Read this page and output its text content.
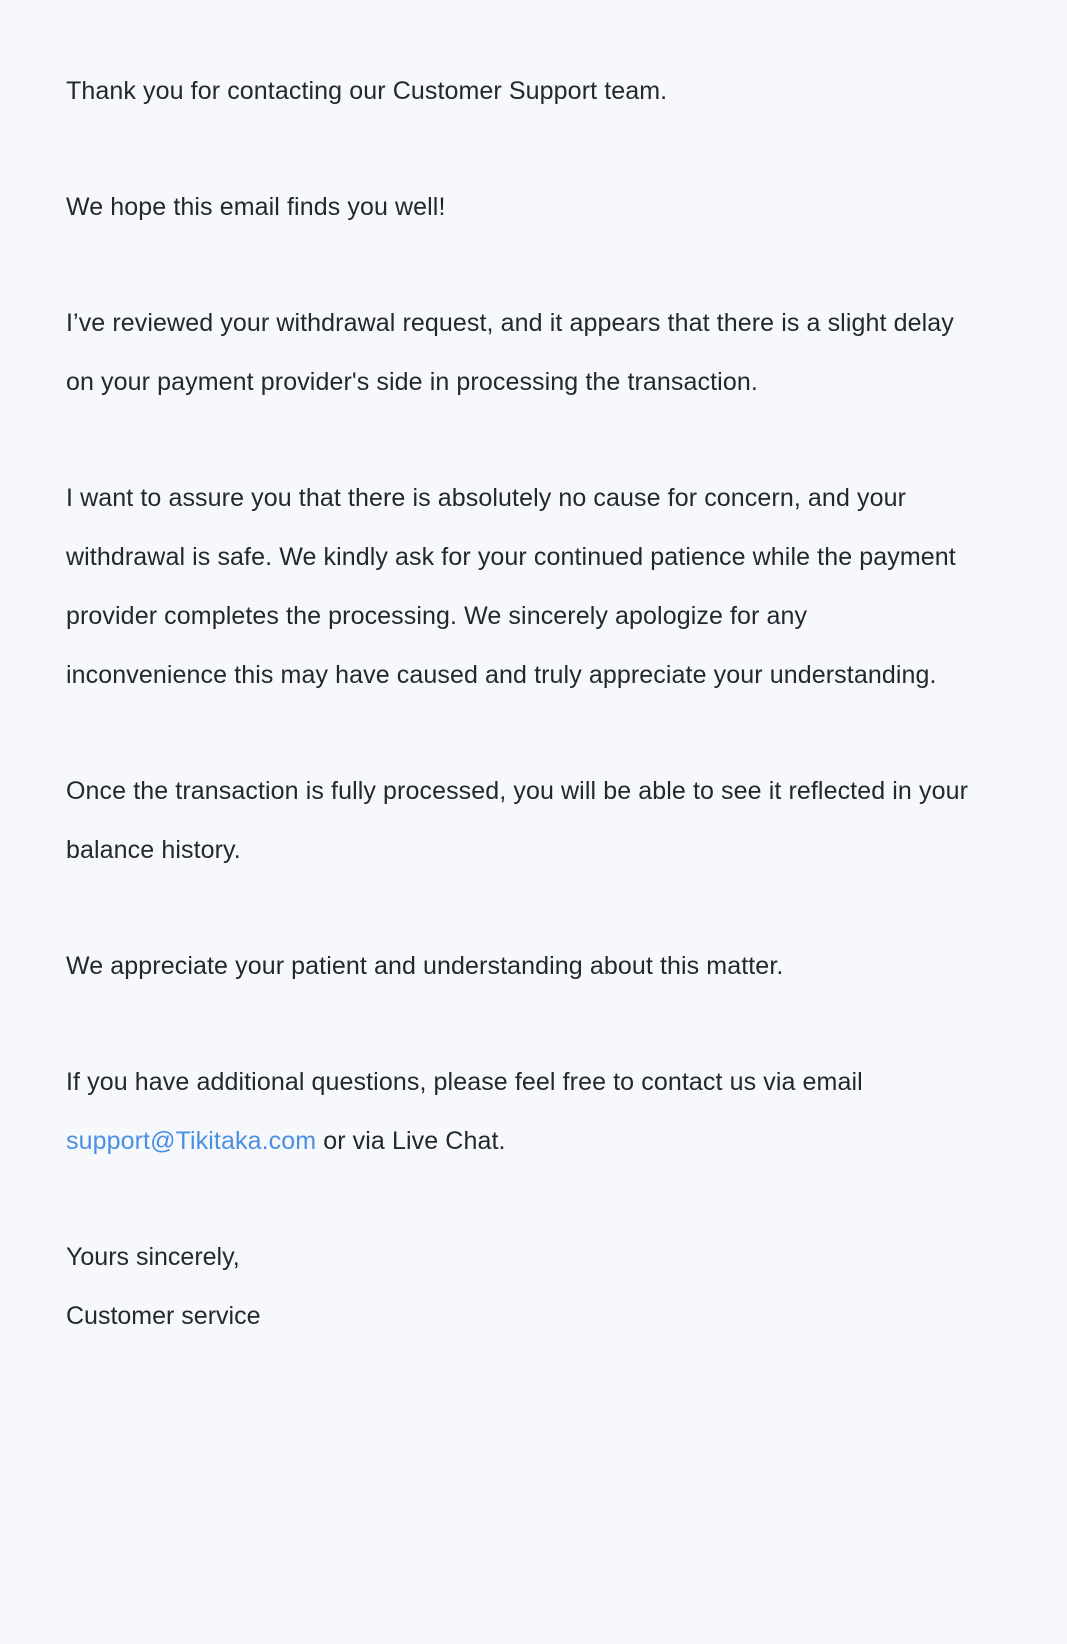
Thank you for contacting our Customer Support team.

We hope this email finds you well!

I’ve reviewed your withdrawal request, and it appears that there is a slight delay on your payment provider's side in processing the transaction.

I want to assure you that there is absolutely no cause for concern, and your withdrawal is safe. We kindly ask for your continued patience while the payment provider completes the processing. We sincerely apologize for any inconvenience this may have caused and truly appreciate your understanding.

Once the transaction is fully processed, you will be able to see it reflected in your balance history.

We appreciate your patient and understanding about this matter.

If you have additional questions, please feel free to contact us via email support@Tikitaka.com or via Live Chat.

Yours sincerely,

Customer service
